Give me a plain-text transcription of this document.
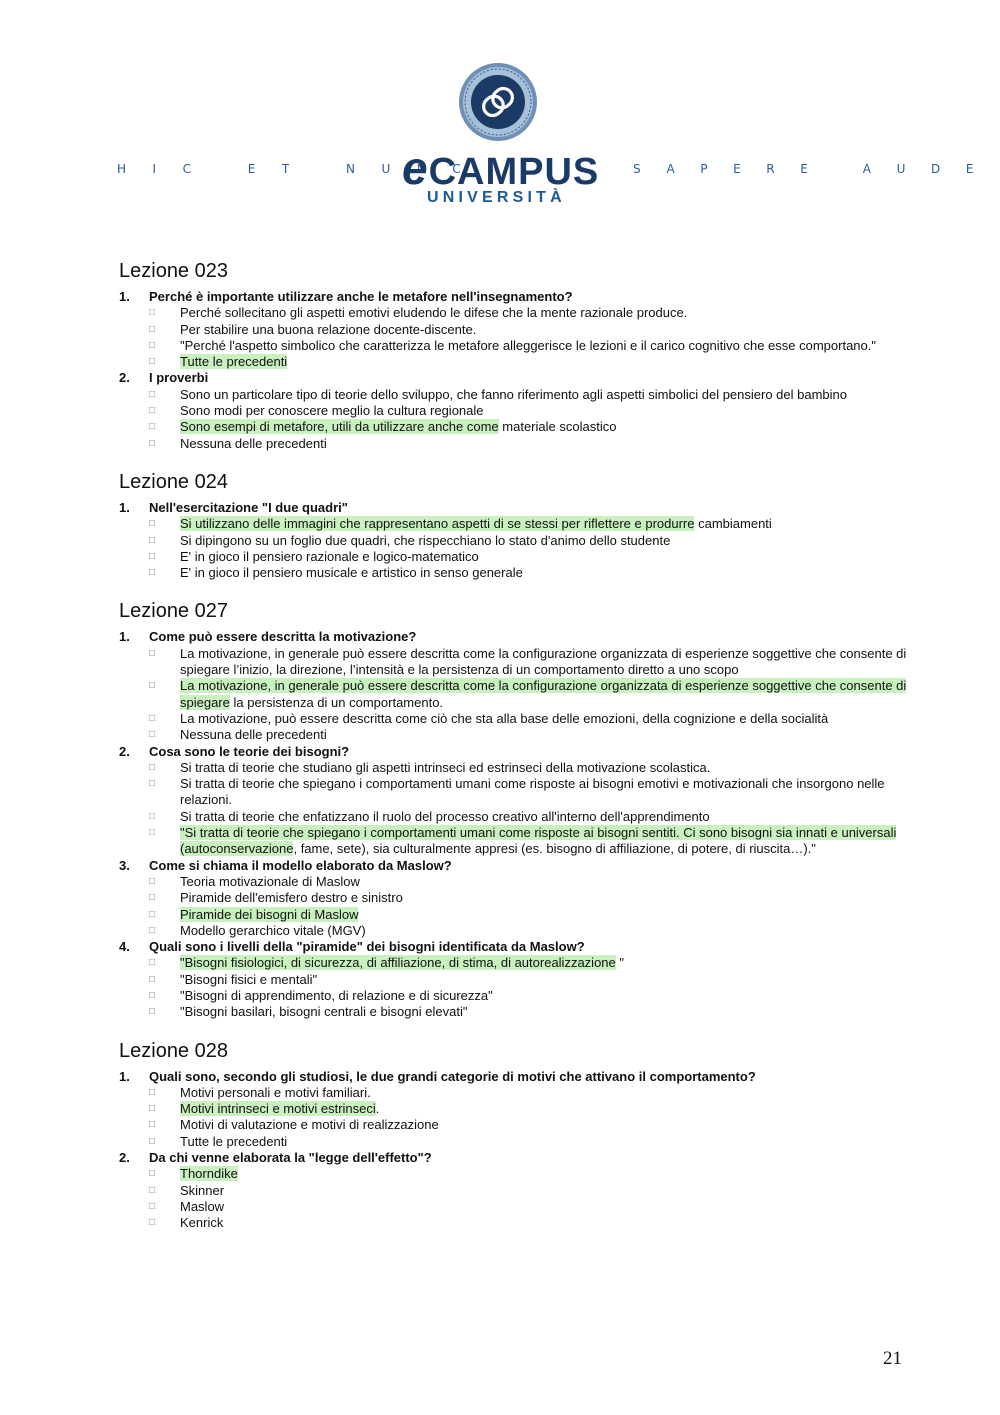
HIC ET NUNC
eCAMPUS
UNIVERSITÀ
SAPERE AUDE
Lezione 023
1.	Perché è importante utilizzare anche le metafore nell'insegnamento?
□
Perché sollecitano gli aspetti emotivi eludendo le difese che la mente razionale produce.
□
Per stabilire una buona relazione docente-discente.
□
"Perché l'aspetto simbolico che caratterizza le metafore alleggerisce le lezioni e il carico cognitivo che esse comportano."
□
Tutte le precedenti
2.	I proverbi
□
Sono un particolare tipo di teorie dello sviluppo, che fanno riferimento agli aspetti simbolici del pensiero del bambino
□
Sono modi per conoscere meglio la cultura regionale
□
Sono esempi di metafore, utili da utilizzare anche come materiale scolastico
□
Nessuna delle precedenti
Lezione 024
1.	Nell'esercitazione "I due quadri"
□
Si utilizzano delle immagini che rappresentano aspetti di se stessi per riflettere e produrre cambiamenti
□
Si dipingono su un foglio due quadri, che rispecchiano lo stato d'animo dello studente
□
E' in gioco il pensiero razionale e logico-matematico
□
E' in gioco il pensiero musicale e artistico in senso generale
Lezione 027
1.	Come può essere descritta la motivazione?
□
La motivazione, in generale può essere descritta come la configurazione organizzata di esperienze soggettive che consente di spiegare l’inizio, la direzione, l’intensità e la persistenza di un comportamento diretto a uno scopo
□
La motivazione, in generale può essere descritta come la configurazione organizzata di esperienze soggettive che consente di spiegare la persistenza di un comportamento.
□
La motivazione, può essere descritta come ciò che sta alla base delle emozioni, della cognizione e della socialità
□
Nessuna delle precedenti
2.	Cosa sono le teorie dei bisogni?
□
Si tratta di teorie che studiano gli aspetti intrinseci ed estrinseci della motivazione scolastica.
□
Si tratta di teorie che spiegano i comportamenti umani come risposte ai bisogni emotivi e motivazionali che insorgono nelle relazioni.
□
Si tratta di teorie che enfatizzano il ruolo del processo creativo all'interno dell'apprendimento
□
"Si tratta di teorie che spiegano i comportamenti umani come risposte ai bisogni sentiti. Ci sono bisogni sia innati e universali (autoconservazione, fame, sete), sia culturalmente appresi (es. bisogno di affiliazione, di potere, di riuscita…)."
3.	Come si chiama il modello elaborato da Maslow?
□
Teoria motivazionale di Maslow
□
Piramide dell'emisfero destro e sinistro
□
Piramide dei bisogni di Maslow
□
Modello gerarchico vitale (MGV)
4.	Quali sono i livelli della "piramide" dei bisogni identificata da Maslow?
□
"Bisogni fisiologici, di sicurezza, di affiliazione, di stima, di autorealizzazione "
□
"Bisogni fisici e mentali"
□
"Bisogni di apprendimento, di relazione e di sicurezza"
□
"Bisogni basilari, bisogni centrali e bisogni elevati"
Lezione 028
1.	Quali sono, secondo gli studiosi, le due grandi categorie di motivi che attivano il comportamento?
□
Motivi personali e motivi familiari.
□
Motivi intrinseci e motivi estrinseci.
□
Motivi di valutazione e motivi di realizzazione
□
Tutte le precedenti
2.	Da chi venne elaborata la "legge dell'effetto"?
□
Thorndike
□
Skinner
□
Maslow
□
Kenrick
21
